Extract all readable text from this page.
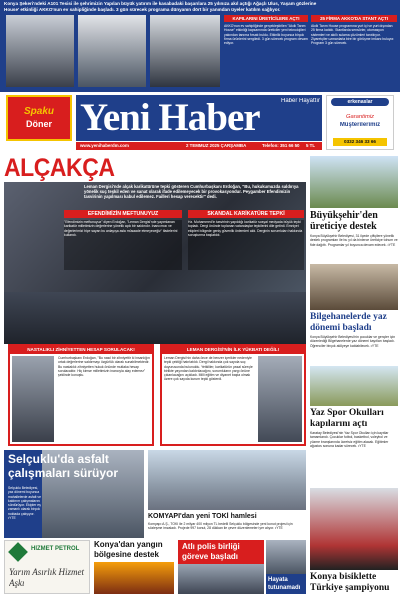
Konya Şekeri'ndeki A101 Tesisi ile şehrimizin Yapılan büyük yatırım ile kasabadaki başarılara 25 yılınıza akıl açtığı Ağaçlı Ulus, Yaşam gözlerine
House' etkinliği AKKO'nun ev sahipliğinde başladı. 3 gün sürecek programa dünyanın dört bir yanından üyeler katılım sağlıyor.
KAPILARINI ÜRETİCİLERE AÇTI
AKKO'nun ev sahipliğinde gerçekleştirilen "Akıllı Tarım House" etkinliği kapsamında üreticiler yeni teknolojileri yakından tanıma fırsatı buldu. Etkinlik boyunca birçok firma ürünlerini sergiledi. 3 gün sürecek program devam ediyor.
25 FİRMA AKKO'DA STANT AÇTI
Akıllı Tarım House programına yurt içi ve yurt dışından 25 firma katıldı. Stantlarda sensörler, otomasyon sistemleri ve akıllı sulama çözümleri tanıtılıyor. Ziyaretçiler uzmanlarla bire bir görüşme imkanı buluyor. Program 3 gün sürecek.
Spaku
Döner Yeni Haber	Haber Hayattır
www.yenihaberdm.com	2 TEMMUZ 2025 ÇARŞAMBA	Telefon: 351 66 50 5 TL
erkenaslar
Garantimiz
Müşterilerimiz
0332 346 33 66
ALÇAKÇA
Leman Dergisi'nde alçak karikatürüne tepki gösteren Cumhurbaşkanı Erdoğan, "Bu, hukukumuzda saldırıya yönelik suç teşkil eden ve sanat olarak ifade edilemeyecek bir provokasyondur. Peygamber Efendimizin tasvirinin yapılması kabul edilemez. Failleri hesap verecektir" dedi.
EFENDİMİZİN MEFTUNUYUZ
"Efendimizin meftunuyuz" diyen Erdoğan, "Leman Dergisi'nde yayımlanan karikatür milletimizin değerlerine yönelik açık bir saldırıdır. İnancımızı ve değerlerimizi hiçe sayan bu anlayışa asla müsaade etmeyeceğiz" ifadelerini kullandı.
SKANDAL KARİKATÜRE TEPKİ
Hz. Muhammed'in tasvirinin yapıldığı karikatür sosyal medyada büyük tepki topladı. Dergi önünde toplanan vatandaşlar tepkilerini dile getirdi. Emniyet ekipleri bölgede geniş güvenlik önlemleri aldı. Derginin sorumluları hakkında soruşturma başlatıldı.
NASTALIKLI ZİHNİYETTEN HESAP SORULACAK!
Cumhurbaşkanı Erdoğan, "Bu nasıl bir zihniyettir ki insanlığın ortak değerlerine saldırmayı özgürlük olarak sunabilmektedir. Bu nastalıklı zihniyetten hukuk önünde mutlaka hesap sorulacaktır. Hiç kimse milletimizin inancıyla alay edemez" şeklinde konuştu.
LEMAN DERGİSİ'NİN İLK YÜKBATI DEĞİL!
Leman Dergisi'nin daha önce de benzer içerikler nedeniyle tepki çektiği hatırlatıldı. Dergi hakkında çok sayıda suç duyurusunda bulunuldu. Yetkililer, karikatürün yasal süreçle birlikte yayından kaldırılacağını, sorumluların yargı önüne çıkarılacağını açıkladı. Milli eğitim ve diyanet başta olmak üzere çok sayıda kurum tepki gösterdi.
Büyükşehir'den üreticiye destek
Konya Büyükşehir Belediyesi, 31 ilçede çiftçilere yönelik destek programları ile bu yıl da binlerce üreticiye tohum ve fide dağıttı. Programlar yıl boyunca devam edecek. •YTE
Bilgehanelerde yaz dönemi başladı
Konya Büyükşehir Belediyesi'nin çocuklar ve gençler için düzenlediği Bilgehanelerde yaz dönemi kayıtları başladı. Öğrenciler birçok atölyeye katılabilecek. •YTE
Yaz Spor Okulları kapılarını açtı
Karatay Belediyesi'nin Yaz Spor Okulları için kayıtlar tamamlandı. Çocuklar futbol, basketbol, voleybol ve yüzme branşlarında ücretsiz eğitim alacak. Eğitimler ağustos sonuna kadar sürecek. •YTE
Konya bisiklette Türkiye şampiyonu
Selçuklu'da asfalt çalışmaları sürüyor
Selçuklu Belediyesi, yaz dönemi boyunca mahallelerde asfalt ve kaldırım çalışmalarını sürdürüyor. Ekipler eş zamanlı olarak birçok noktada çalışıyor. •YTE	KOMYAPI'dan yeni TOKİ hamlesi
Komyapı A.Ş., TOKİ ile 2 milyar 400 milyon TL bedelli Selçuklu bölgesinde yeni konut projesi için sözleşme imzaladı. Projede 997 konut, 28 dükkan ile çevre düzenlemeleri yer alıyor. •YTE
HİZMET PETROL
Yarım Asırlık Hizmet Aşkı
Konya'dan yangın bölgesine destek
Atlı polis birliği göreve başladı
Hayata tutunamadı
